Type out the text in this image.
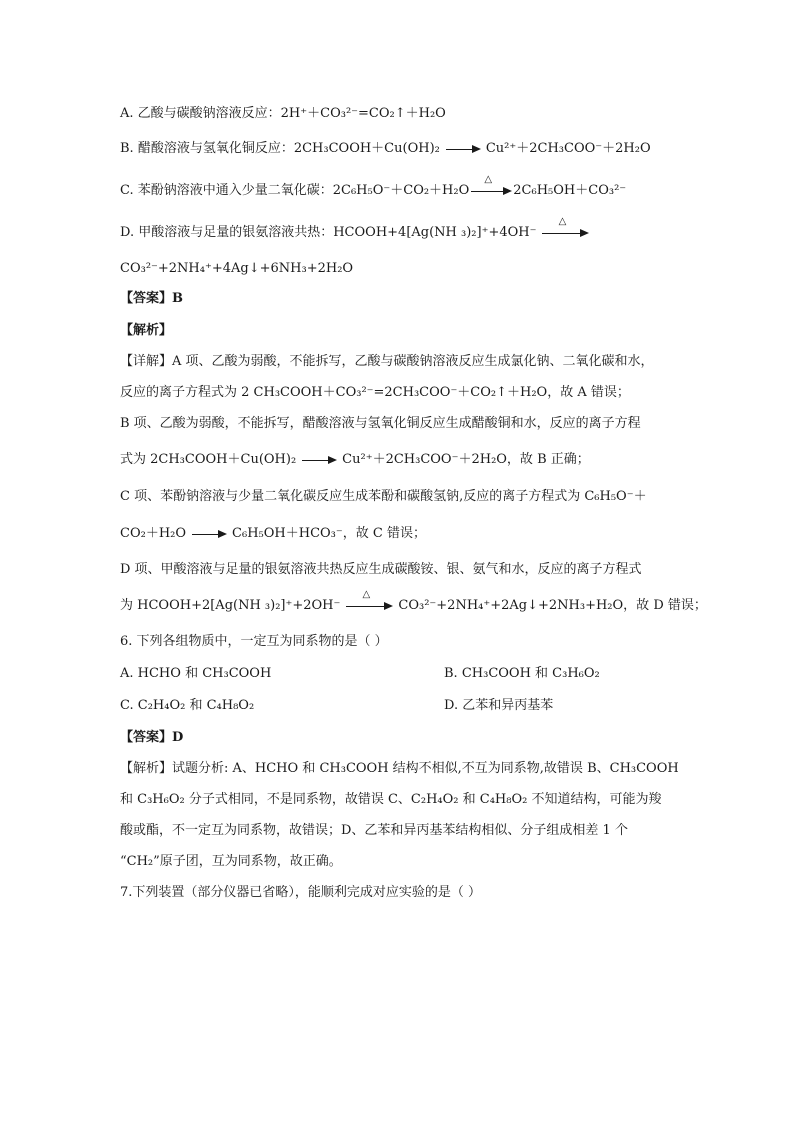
A. 乙酸与碳酸钠溶液反应：2H⁺＋CO₃²⁻=CO₂↑＋H₂O
B. 醋酸溶液与氢氧化铜反应：2CH₃COOH＋Cu(OH)₂	Cu²⁺＋2CH₃COO⁻＋2H₂O
C. 苯酚钠溶液中通入少量二氧化碳：2C₆H₅O⁻＋CO₂＋H₂O
△
2C₆H₅OH＋CO₃²⁻
D. 甲酸溶液与足量的银氨溶液共热：HCOOH+4[Ag(NH ₃)₂]⁺+4OH⁻
△
CO₃²⁻+2NH₄⁺+4Ag↓+6NH₃+2H₂O
【答案】B
【解析】
【详解】A 项、乙酸为弱酸，不能拆写，乙酸与碳酸钠溶液反应生成氯化钠、二氧化碳和水，
反应的离子方程式为 2 CH₃COOH＋CO₃²⁻=2CH₃COO⁻＋CO₂↑＋H₂O，故 A 错误；
B 项、乙酸为弱酸，不能拆写，醋酸溶液与氢氧化铜反应生成醋酸铜和水，反应的离子方程
式为 2CH₃COOH＋Cu(OH)₂	Cu²⁺＋2CH₃COO⁻＋2H₂O，故 B 正确；
C 项、苯酚钠溶液与少量二氧化碳反应生成苯酚和碳酸氢钠,反应的离子方程式为 C₆H₅O⁻＋
CO₂＋H₂O	C₆H₅OH＋HCO₃⁻，故 C 错误；
D 项、甲酸溶液与足量的银氨溶液共热反应生成碳酸铵、银、氨气和水，反应的离子方程式
为 HCOOH+2[Ag(NH ₃)₂]⁺+2OH⁻
△
CO₃²⁻+2NH₄⁺+2Ag↓+2NH₃+H₂O，故 D 错误；
6. 下列各组物质中，一定互为同系物的是（ ）
A. HCHO 和 CH₃COOH	B. CH₃COOH 和 C₃H₆O₂
C. C₂H₄O₂ 和 C₄H₈O₂	D. 乙苯和异丙基苯
【答案】D
【解析】试题分析: A、HCHO 和 CH₃COOH 结构不相似,不互为同系物,故错误 B、CH₃COOH
和 C₃H₆O₂ 分子式相同，不是同系物，故错误 C、C₂H₄O₂ 和 C₄H₈O₂ 不知道结构，可能为羧
酸或酯，不一定互为同系物，故错误；D、乙苯和异丙基苯结构相似、分子组成相差 1 个
“CH₂”原子团，互为同系物，故正确。
7.下列装置（部分仪器已省略），能顺利完成对应实验的是（ ）
